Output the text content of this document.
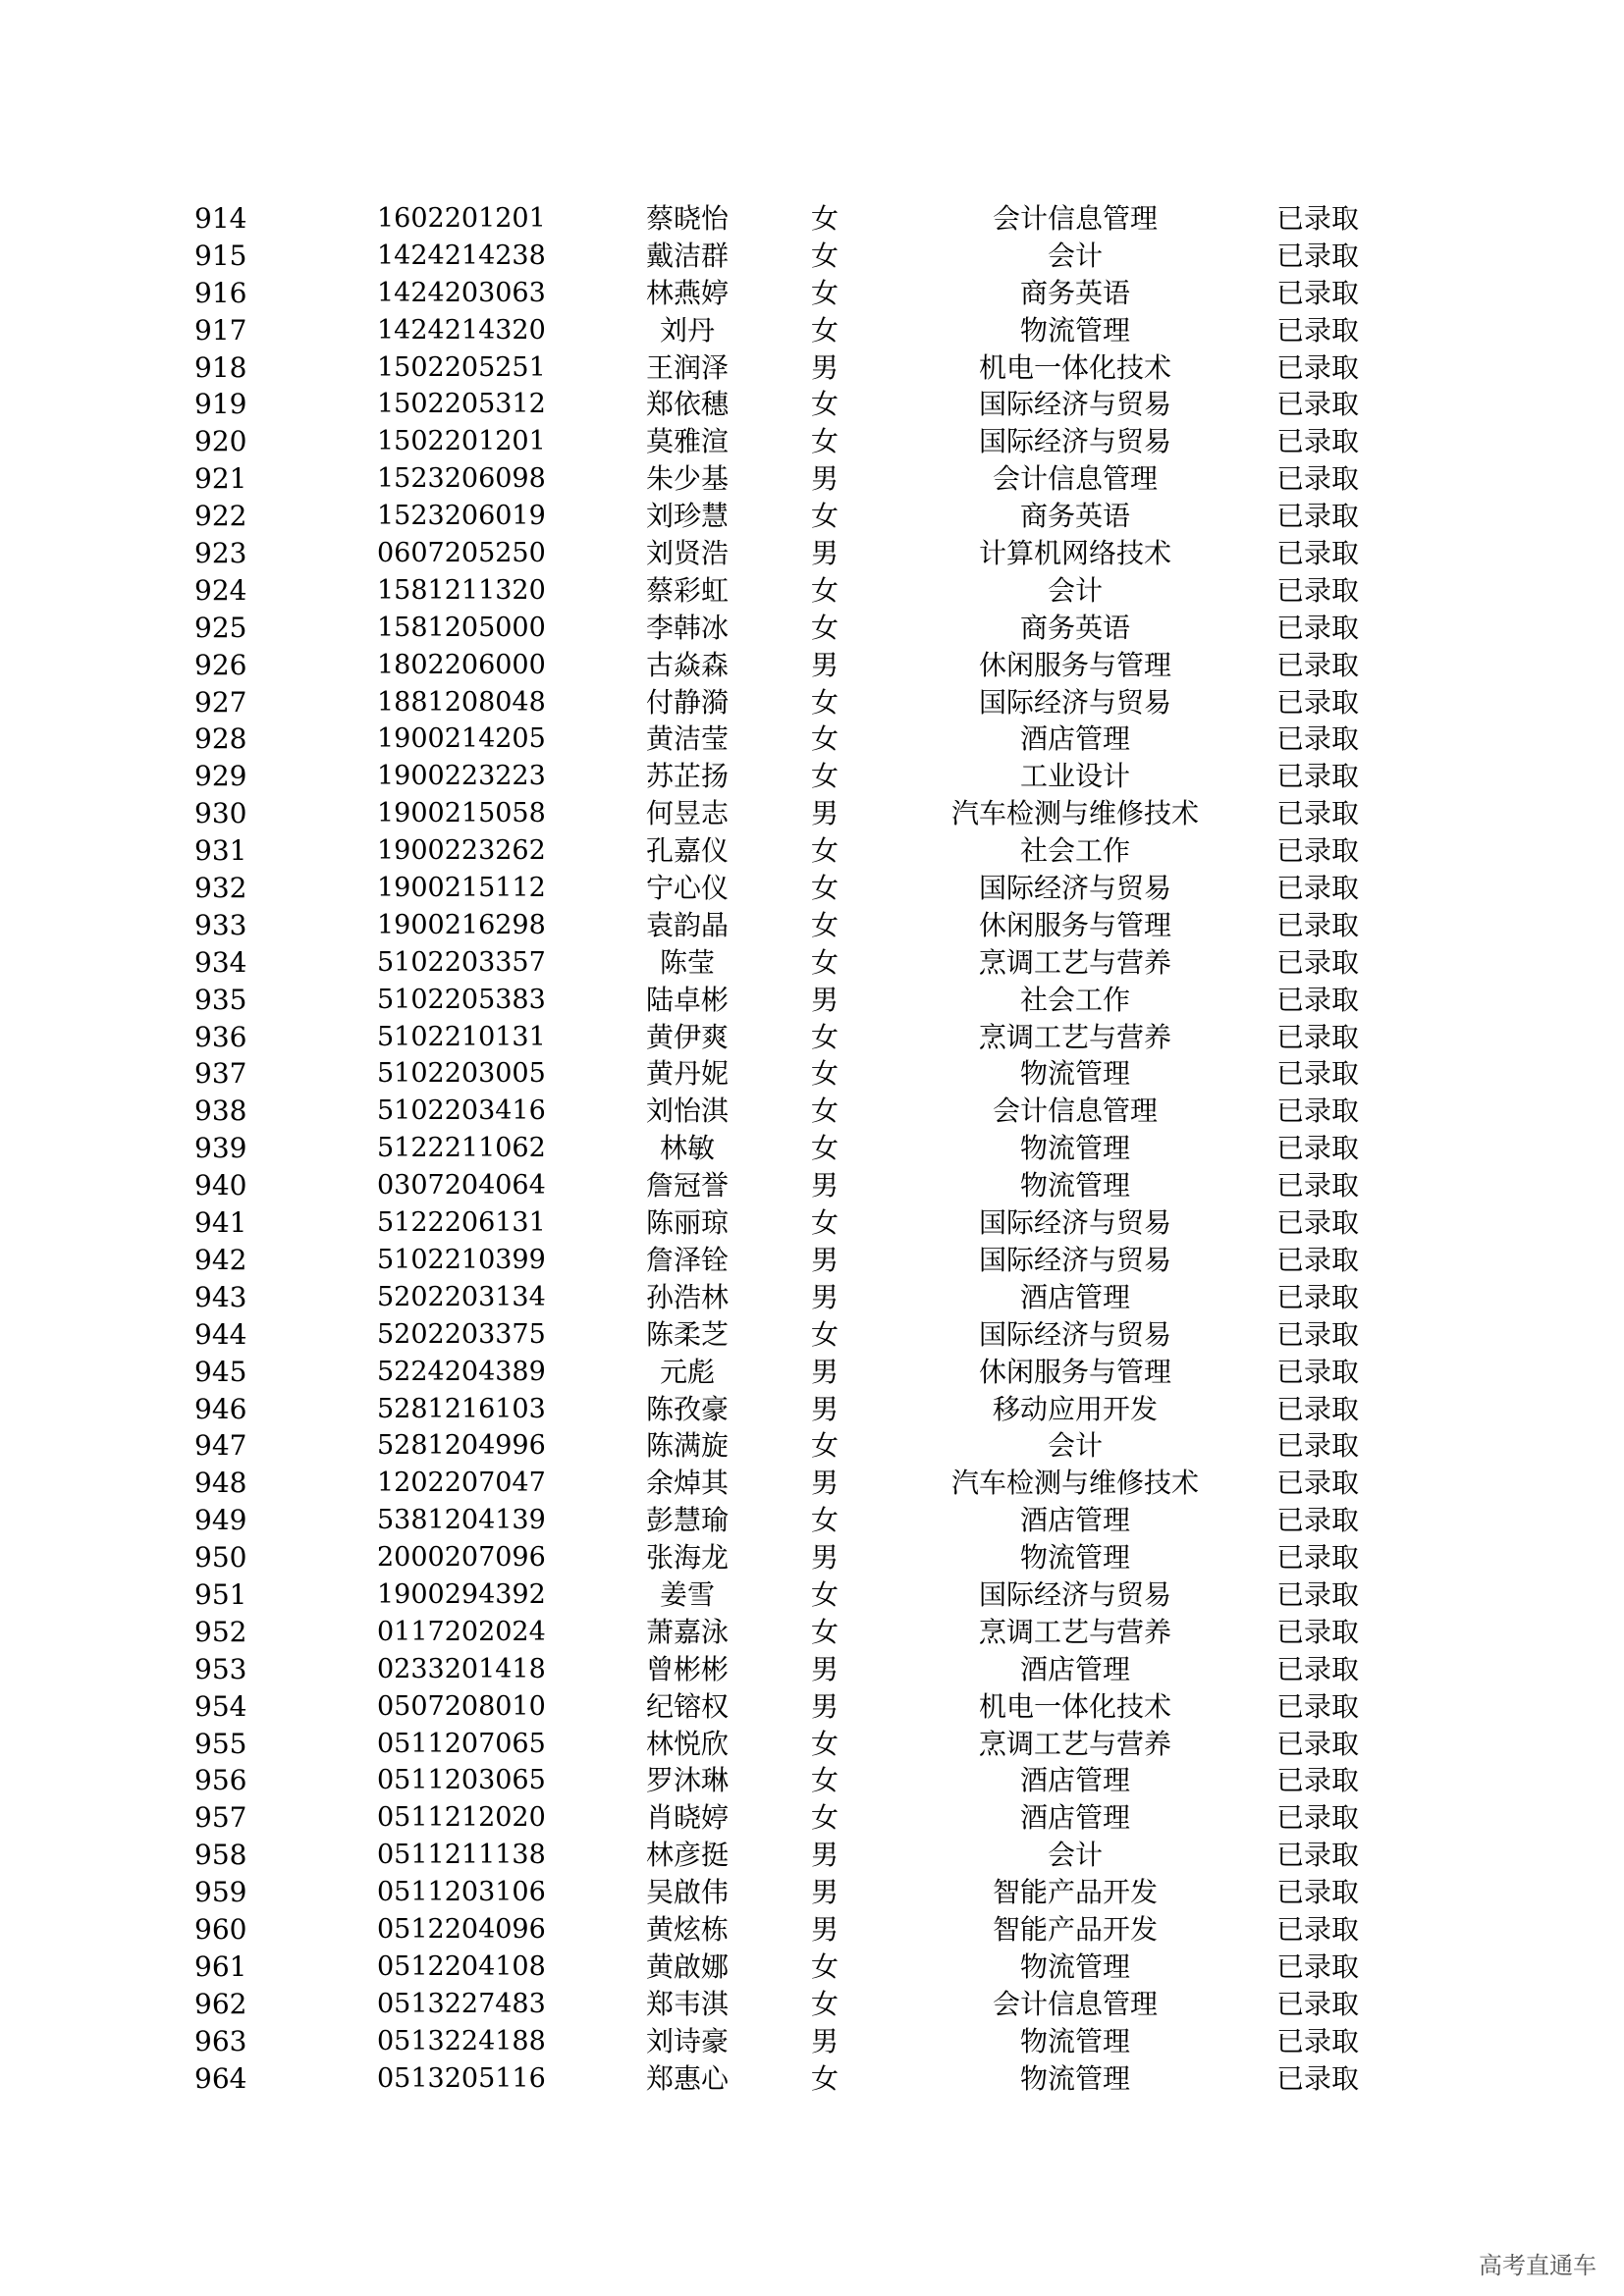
914	1602201201	蔡晓怡	女	会计信息管理	已录取
915	1424214238	戴洁群	女	会计	已录取
916	1424203063	林燕婷	女	商务英语	已录取
917	1424214320	刘丹	女	物流管理	已录取
918	1502205251	王润泽	男	机电一体化技术	已录取
919	1502205312	郑依穗	女	国际经济与贸易	已录取
920	1502201201	莫雅渲	女	国际经济与贸易	已录取
921	1523206098	朱少基	男	会计信息管理	已录取
922	1523206019	刘珍慧	女	商务英语	已录取
923	0607205250	刘贤浩	男	计算机网络技术	已录取
924	1581211320	蔡彩虹	女	会计	已录取
925	1581205000	李韩冰	女	商务英语	已录取
926	1802206000	古焱森	男	休闲服务与管理	已录取
927	1881208048	付静漪	女	国际经济与贸易	已录取
928	1900214205	黄洁莹	女	酒店管理	已录取
929	1900223223	苏芷扬	女	工业设计	已录取
930	1900215058	何昱志	男	汽车检测与维修技术	已录取
931	1900223262	孔嘉仪	女	社会工作	已录取
932	1900215112	宁心仪	女	国际经济与贸易	已录取
933	1900216298	袁韵晶	女	休闲服务与管理	已录取
934	5102203357	陈莹	女	烹调工艺与营养	已录取
935	5102205383	陆卓彬	男	社会工作	已录取
936	5102210131	黄伊爽	女	烹调工艺与营养	已录取
937	5102203005	黄丹妮	女	物流管理	已录取
938	5102203416	刘怡淇	女	会计信息管理	已录取
939	5122211062	林敏	女	物流管理	已录取
940	0307204064	詹冠誉	男	物流管理	已录取
941	5122206131	陈丽琼	女	国际经济与贸易	已录取
942	5102210399	詹泽铨	男	国际经济与贸易	已录取
943	5202203134	孙浩林	男	酒店管理	已录取
944	5202203375	陈柔芝	女	国际经济与贸易	已录取
945	5224204389	元彪	男	休闲服务与管理	已录取
946	5281216103	陈孜豪	男	移动应用开发	已录取
947	5281204996	陈满旋	女	会计	已录取
948	1202207047	余焯其	男	汽车检测与维修技术	已录取
949	5381204139	彭慧瑜	女	酒店管理	已录取
950	2000207096	张海龙	男	物流管理	已录取
951	1900294392	姜雪	女	国际经济与贸易	已录取
952	0117202024	萧嘉泳	女	烹调工艺与营养	已录取
953	0233201418	曾彬彬	男	酒店管理	已录取
954	0507208010	纪镕权	男	机电一体化技术	已录取
955	0511207065	林悦欣	女	烹调工艺与营养	已录取
956	0511203065	罗沐琳	女	酒店管理	已录取
957	0511212020	肖晓婷	女	酒店管理	已录取
958	0511211138	林彦挺	男	会计	已录取
959	0511203106	吴啟伟	男	智能产品开发	已录取
960	0512204096	黄炫栋	男	智能产品开发	已录取
961	0512204108	黄啟娜	女	物流管理	已录取
962	0513227483	郑韦淇	女	会计信息管理	已录取
963	0513224188	刘诗豪	男	物流管理	已录取
964	0513205116	郑惠心	女	物流管理	已录取
高考直通车
